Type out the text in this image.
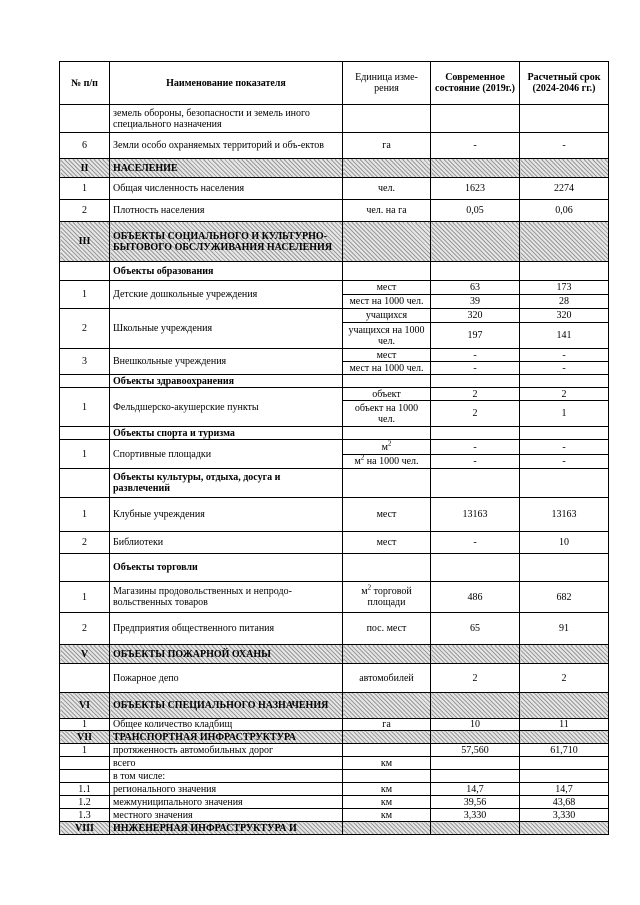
№ п/п	Наименование показателя	Единица изме-рения	Современное состояние (2019г.)	Расчетный срок (2024-2046 гг.)
	земель обороны, безопасности и земель иного специального назначения			
6	Земли особо охраняемых территорий и объ-ектов	га	-	-
II	НАСЕЛЕНИЕ			
1	Общая численность населения	чел.	1623	2274
2	Плотность населения	чел. на га	0,05	0,06
III	ОБЪЕКТЫ СОЦИАЛЬНОГО И КУЛЬТУРНО-БЫТОВОГО ОБСЛУЖИВАНИЯ НАСЕЛЕНИЯ			
	Объекты образования			
1	Детские дошкольные учреждения	мест	63	173
		мест на 1000 чел.	39	28
2	Школьные учреждения	учащихся	320	320
		учащихся на 1000 чел.	197	141
3	Внешкольные учреждения	мест	-	-
		мест на 1000 чел.	-	-
	Объекты здравоохранения			
1	Фельдшерско-акушерские пункты	объект	2	2
		объект на 1000 чел.	2	1
	Объекты спорта и туризма			
1	Спортивные площадки	$м^2$	-	-
		$м^2$ на 1000 чел.	-	-
	Объекты культуры, отдыха, досуга и развлечений			
1	Клубные учреждения	мест	13163	13163
2	Библиотеки	мест	-	10
	Объекты торговли			
1	Магазины продовольственных и непродо-вольственных товаров	$м^2$ торговой площади	486	682
2	Предприятия общественного питания	пос. мест	65	91
V	ОБЪЕКТЫ ПОЖАРНОЙ ОХАНЫ			
	Пожарное депо	автомобилей	2	2
VI	ОБЪЕКТЫ СПЕЦИАЛЬНОГО НАЗНАЧЕНИЯ			
1	Общее количество кладбищ	га	10	11
VII	ТРАНСПОРТНАЯ ИНФРАСТРУКТУРА			
1	протяженность автомобильных дорог		57,560	61,710
	всего	км		
	в том числе:			
1.1	регионального значения	км	14,7	14,7
1.2	межмуниципального значения	км	39,56	43,68
1.3	местного значения	км	3,330	3,330
VIII	ИНЖЕНЕРНАЯ ИНФРАСТРУКТУРА И			
